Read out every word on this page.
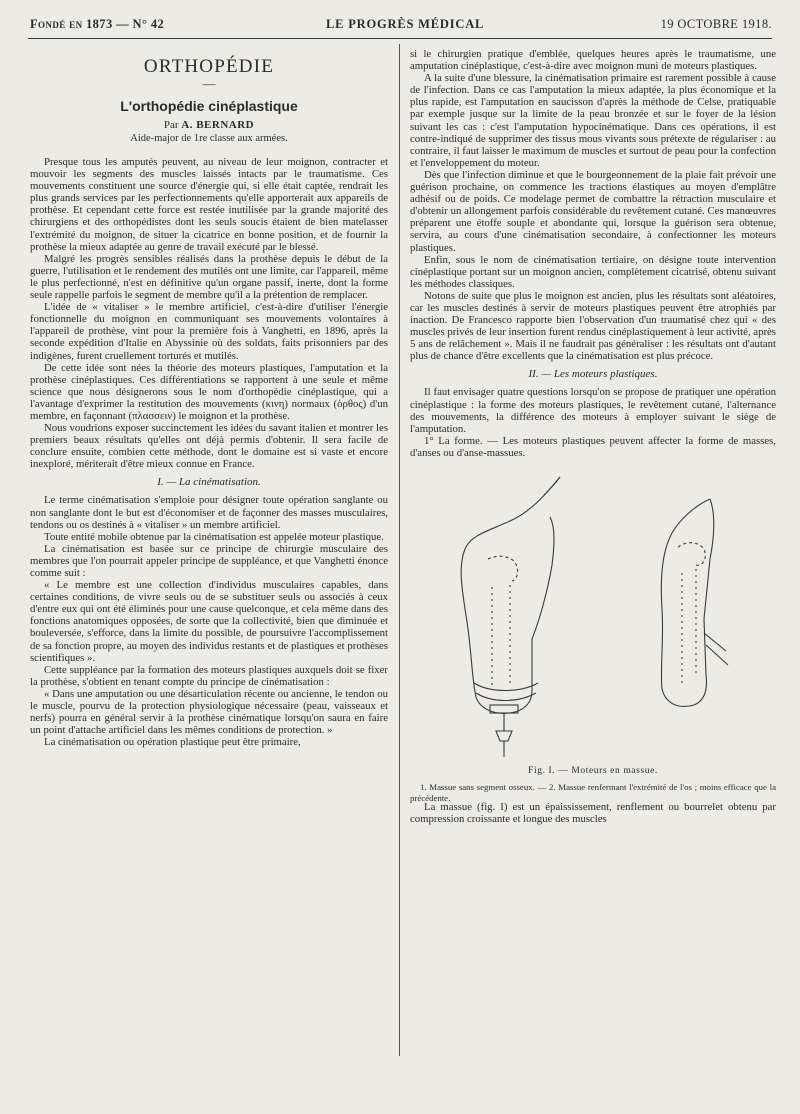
Fondé en 1873 — N° 42	LE PROGRÈS MÉDICAL	19 OCTOBRE 1918.
ORTHOPÉDIE
—
L'orthopédie cinéplastique
Par A. BERNARD
Aide-major de 1re classe aux armées.

Presque tous les amputés peuvent, au niveau de leur moignon, contracter et mouvoir les segments des muscles laissés intacts par le traumatisme. Ces mouvements constituent une source d'énergie qui, si elle était captée, rendrait les plus grands services par les perfectionnements qu'elle apporterait aux appareils de prothèse. Et cependant cette force est restée inutilisée par la grande majorité des chirurgiens et des orthopédistes dont les seuls soucis étaient de bien matelasser l'extrémité du moignon, de situer la cicatrice en bonne position, et de fournir la prothèse la mieux adaptée au genre de travail exécuté par le blessé.

Malgré les progrès sensibles réalisés dans la prothèse depuis le début de la guerre, l'utilisation et le rendement des mutilés ont une limite, car l'appareil, même le plus perfectionné, n'est en définitive qu'un organe passif, inerte, dont la forme seule rappelle parfois le segment de membre qu'il a la prétention de remplacer.

L'idée de « vitaliser » le membre artificiel, c'est-à-dire d'utiliser l'énergie fonctionnelle du moignon en communiquant ses mouvements volontaires à l'appareil de prothèse, vint pour la première fois à Vanghetti, en 1896, après la seconde expédition d'Italie en Abyssinie où des soldats, faits prisonniers par des indigènes, furent cruellement torturés et mutilés.

De cette idée sont nées la théorie des moteurs plastiques, l'amputation et la prothèse cinéplastiques. Ces différentiations se rapportent à une seule et même science que nous désignerons sous le nom d'orthopédie cinéplastique, qui a l'avantage d'exprimer la restitution des mouvements (κινη) normaux (ὀρθος) d'un membre, en façonnant (πλασσειν) le moignon et la prothèse.

Nous voudrions exposer succinctement les idées du savant italien et montrer les premiers beaux résultats qu'elles ont déjà permis d'obtenir. Il sera facile de conclure ensuite, combien cette méthode, dont le domaine est si vaste et encore inexploré, mériterait d'être mieux connue en France.

I. — La cinématisation.

Le terme cinématisation s'emploie pour désigner toute opération sanglante ou non sanglante dont le but est d'économiser et de façonner des masses musculaires, tendons ou os destinés à « vitaliser » un membre artificiel.

Toute entité mobile obtenue par la cinématisation est appelée moteur plastique.

La cinématisation est basée sur ce principe de chirurgie musculaire des membres que l'on pourrait appeler principe de suppléance, et que Vanghetti énonce comme suit :

« Le membre est une collection d'individus musculaires capables, dans certaines conditions, de vivre seuls ou de se substituer seuls ou associés à ceux d'entre eux qui ont été éliminés pour une cause quelconque, et cela même dans des fonctions anatomiques opposées, de sorte que la collectivité, bien que diminuée et bouleversée, s'efforce, dans la limite du possible, de poursuivre l'accomplissement de sa fonction propre, au moyen des individus restants et de plastiques et prothèses scientifiques ».

Cette suppléance par la formation des moteurs plastiques auxquels doit se fixer la prothèse, s'obtient en tenant compte du principe de cinématisation :

« Dans une amputation ou une désarticulation récente ou ancienne, le tendon ou le muscle, pourvu de la protection physiologique nécessaire (peau, vaisseaux et nerfs) pourra en général servir à la prothèse cinématique lorsqu'on saura en faire un point d'attache artificiel dans les mêmes conditions de protection. »

La cinématisation ou opération plastique peut être primaire,

si le chirurgien pratique d'emblée, quelques heures après le traumatisme, une amputation cinéplastique, c'est-à-dire avec moignon muni de moteurs plastiques.

A la suite d'une blessure, la cinématisation primaire est rarement possible à cause de l'infection. Dans ce cas l'amputation la mieux adaptée, la plus économique et la plus rapide, est l'amputation en saucisson d'après la méthode de Celse, pratiquable par exemple jusque sur la limite de la peau bronzée et sur le foyer de la lésion suivant les cas : c'est l'amputation hypocinématique. Dans ces opérations, il est contre-indiqué de supprimer des tissus mous vivants sous prétexte de régulariser : au contraire, il faut laisser le maximum de muscles et surtout de peau pour la confection et l'enveloppement du moteur.

Dès que l'infection diminue et que le bourgeonnement de la plaie fait prévoir une guérison prochaine, on commence les tractions élastiques au moyen d'emplâtre adhésif ou de poids. Ce modelage permet de combattre la rétraction musculaire et d'obtenir un allongement parfois considérable du revêtement cutané. Ces manœuvres préparent une étoffe souple et abondante qui, lorsque la guérison sera obtenue, servira, au cours d'une cinématisation secondaire, à confectionner les moteurs plastiques.

Enfin, sous le nom de cinématisation tertiaire, on désigne toute intervention cinéplastique portant sur un moignon ancien, complètement cicatrisé, obtenu suivant les méthodes classiques.

Notons de suite que plus le moignon est ancien, plus les résultats sont aléatoires, car les muscles destinés à servir de moteurs plastiques peuvent être atrophiés par inaction. De Francesco rapporte bien l'observation d'un traumatisé chez qui « des muscles privés de leur insertion furent rendus cinéplastiquement à leur activité, après 5 ans de relâchement ». Mais il ne faudrait pas généraliser : les résultats ont d'autant plus de chance d'être excellents que la cinématisation est plus précoce.

II. — Les moteurs plastiques.

Il faut envisager quatre questions lorsqu'on se propose de pratiquer une opération cinéplastique : la forme des moteurs plastiques, le revêtement cutané, l'alternance des mouvements, la différence des moteurs à employer suivant le siège de l'amputation.

1° La forme. — Les moteurs plastiques peuvent affecter la forme de masses, d'anses ou d'anse-massues.

Fig. I. — Moteurs en massue.
1. Massue sans segment osseux. — 2. Massue renfermant l'extrémité de l'os ; moins efficace que la précédente.

La massue (fig. I) est un épaississement, renflement ou bourrelet obtenu par compression croissante et longue des muscles
